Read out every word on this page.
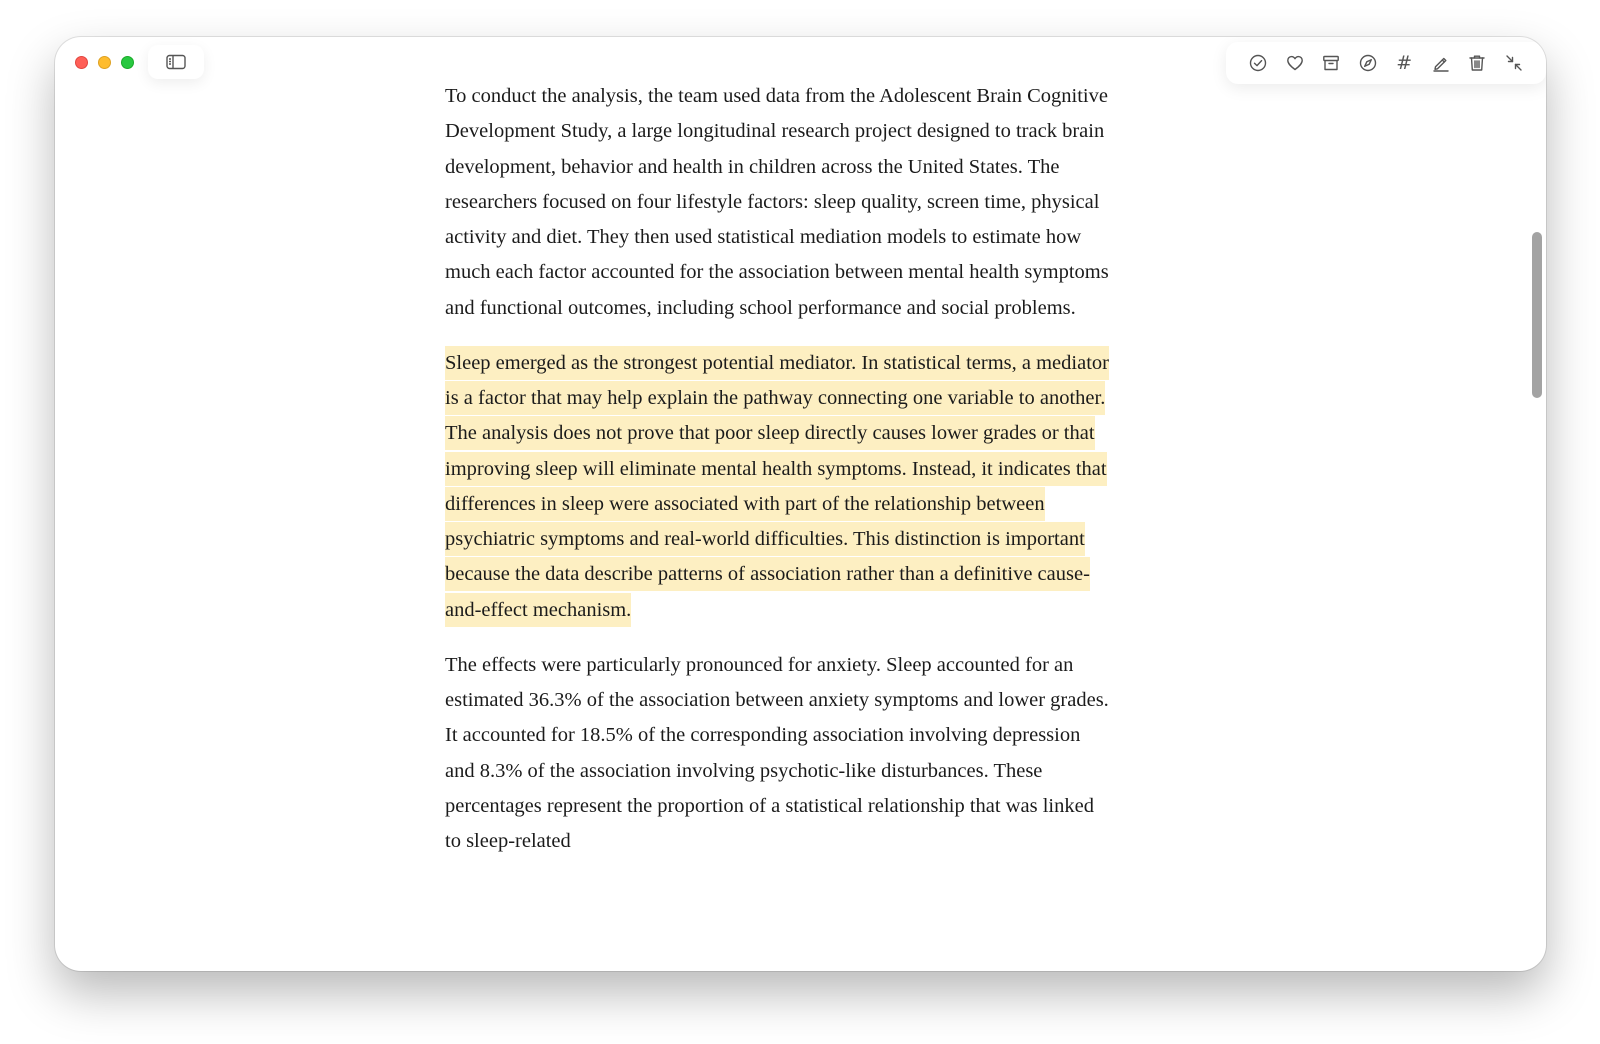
To conduct the analysis, the team used data from the Adolescent Brain Cognitive Development Study, a large longitudinal research project designed to track brain development, behavior and health in children across the United States. The researchers focused on four lifestyle factors: sleep quality, screen time, physical activity and diet. They then used statistical mediation models to estimate how much each factor accounted for the association between mental health symptoms and functional outcomes, including school performance and social problems.

Sleep emerged as the strongest potential mediator. In statistical terms, a mediator is a factor that may help explain the pathway connecting one variable to another. The analysis does not prove that poor sleep directly causes lower grades or that improving sleep will eliminate mental health symptoms. Instead, it indicates that differences in sleep were associated with part of the relationship between psychiatric symptoms and real-world difficulties. This distinction is important because the data describe patterns of association rather than a definitive cause-and-effect mechanism.

The effects were particularly pronounced for anxiety. Sleep accounted for an estimated 36.3% of the association between anxiety symptoms and lower grades. It accounted for 18.5% of the corresponding association involving depression and 8.3% of the association involving psychotic-like disturbances. These percentages represent the proportion of a statistical relationship that was linked to sleep-related

#
